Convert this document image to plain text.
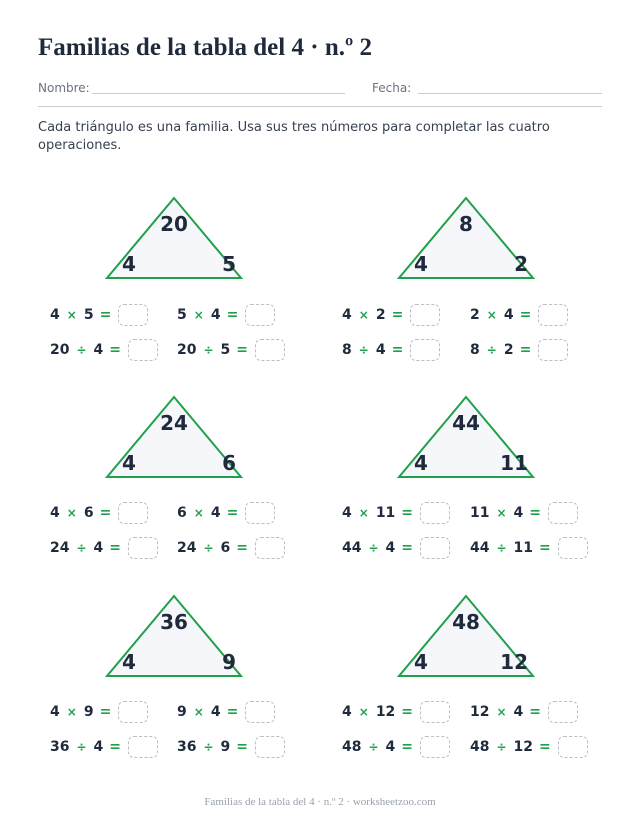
Familias de la tabla del 4 · n.º 2
Nombre:	Fecha:
Cada triángulo es una familia. Usa sus tres números para completar las cuatro operaciones.
20
4	5
4 × 5 =	5 × 4 =
20 ÷ 4 =	20 ÷ 5 =
8
4	2
4 × 2 =	2 × 4 =
8 ÷ 4 =	8 ÷ 2 =
24
4	6
4 × 6 =	6 × 4 =
24 ÷ 4 =	24 ÷ 6 =
44
4	11
4 × 11 =	11 × 4 =
44 ÷ 4 =	44 ÷ 11 =
36
4	9
4 × 9 =	9 × 4 =
36 ÷ 4 =	36 ÷ 9 =
48
4	12
4 × 12 =	12 × 4 =
48 ÷ 4 =	48 ÷ 12 =
Familias de la tabla del 4 · n.º 2 · worksheetzoo.com
